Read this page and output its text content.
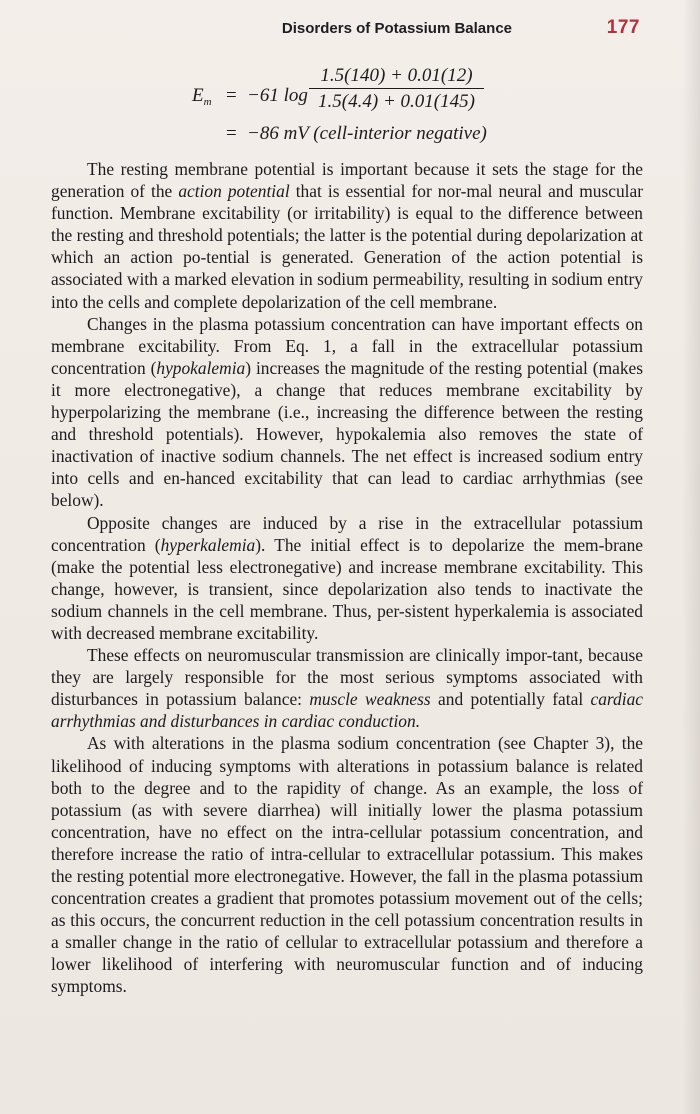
Disorders of Potassium Balance	177
$E_m = -61$ log
1.5(140) + 0.01(12)
1.5(4.4) + 0.01(145)
= −86 mV (cell-interior negative)

The resting membrane potential is important because it sets the stage for the generation of the action potential that is essential for nor-mal neural and muscular function. Membrane excitability (or irritability) is equal to the difference between the resting and threshold potentials; the latter is the potential during depolarization at which an action po-tential is generated. Generation of the action potential is associated with a marked elevation in sodium permeability, resulting in sodium entry into the cells and complete depolarization of the cell membrane.

Changes in the plasma potassium concentration can have important effects on membrane excitability. From Eq. 1, a fall in the extracellular potassium concentration (hypokalemia) increases the magnitude of the resting potential (makes it more electronegative), a change that reduces membrane excitability by hyperpolarizing the membrane (i.e., increasing the difference between the resting and threshold potentials). However, hypokalemia also removes the state of inactivation of inactive sodium channels. The net effect is increased sodium entry into cells and en-hanced excitability that can lead to cardiac arrhythmias (see below).

Opposite changes are induced by a rise in the extracellular potassium concentration (hyperkalemia). The initial effect is to depolarize the mem-brane (make the potential less electronegative) and increase membrane excitability. This change, however, is transient, since depolarization also tends to inactivate the sodium channels in the cell membrane. Thus, per-sistent hyperkalemia is associated with decreased membrane excitability.

These effects on neuromuscular transmission are clinically impor-tant, because they are largely responsible for the most serious symptoms associated with disturbances in potassium balance: muscle weakness and potentially fatal cardiac arrhythmias and disturbances in cardiac conduction.

As with alterations in the plasma sodium concentration (see Chapter 3), the likelihood of inducing symptoms with alterations in potassium balance is related both to the degree and to the rapidity of change. As an example, the loss of potassium (as with severe diarrhea) will initially lower the plasma potassium concentration, have no effect on the intra-cellular potassium concentration, and therefore increase the ratio of intra-cellular to extracellular potassium. This makes the resting potential more electronegative. However, the fall in the plasma potassium concentration creates a gradient that promotes potassium movement out of the cells; as this occurs, the concurrent reduction in the cell potassium concentration results in a smaller change in the ratio of cellular to extracellular potassium and therefore a lower likelihood of interfering with neuromuscular function and of inducing symptoms.
